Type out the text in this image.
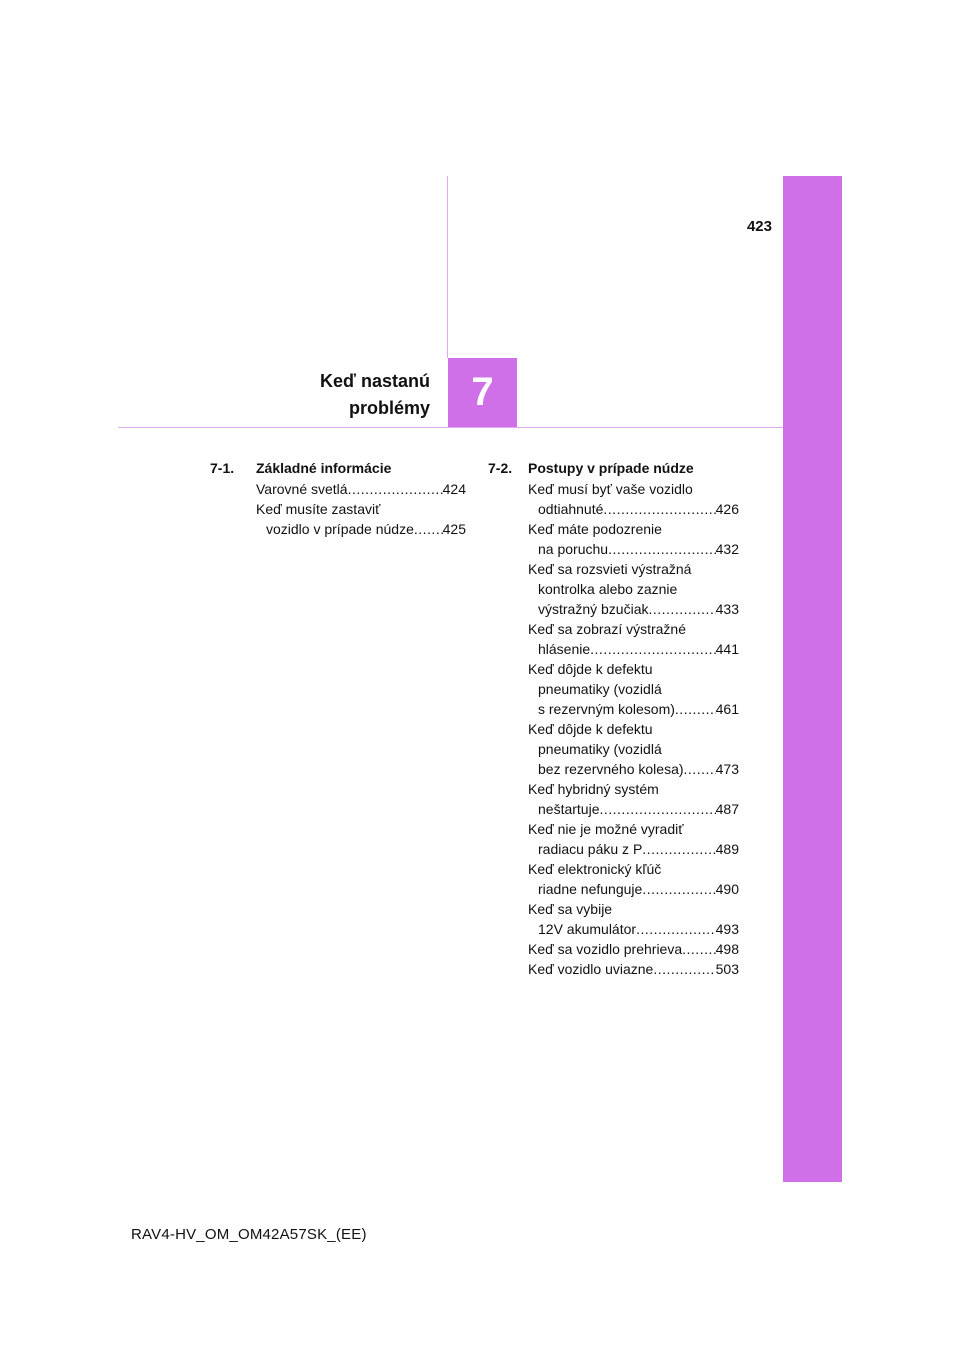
7
423
Keď nastanú
problémy
7-1.	Základné informácie
Varovné svetlá .....	424
Keď musíte zastaviť
vozidlo v prípade núdze ..... 425
7-2.	Postupy v prípade núdze
Keď musí byť vaše vozidlo
odtiahnuté .....	426
Keď máte podozrenie
na poruchu .....	432
Keď sa rozsvieti výstražná
kontrolka alebo zaznie
výstražný bzučiak .....	433
Keď sa zobrazí výstražné
hlásenie .....	441
Keď dôjde k defektu
pneumatiky (vozidlá
s rezervným kolesom) .....	461
Keď dôjde k defektu
pneumatiky (vozidlá
bez rezervného kolesa) ..... 473
Keď hybridný systém
neštartuje .....	487
Keď nie je možné vyradiť
radiacu páku z P .....	489
Keď elektronický kľúč
riadne nefunguje .....	490
Keď sa vybije
12V akumulátor .....	493
Keď sa vozidlo prehrieva ..... 498
Keď vozidlo uviazne .....	503
RAV4-HV_OM_OM42A57SK_(EE)
